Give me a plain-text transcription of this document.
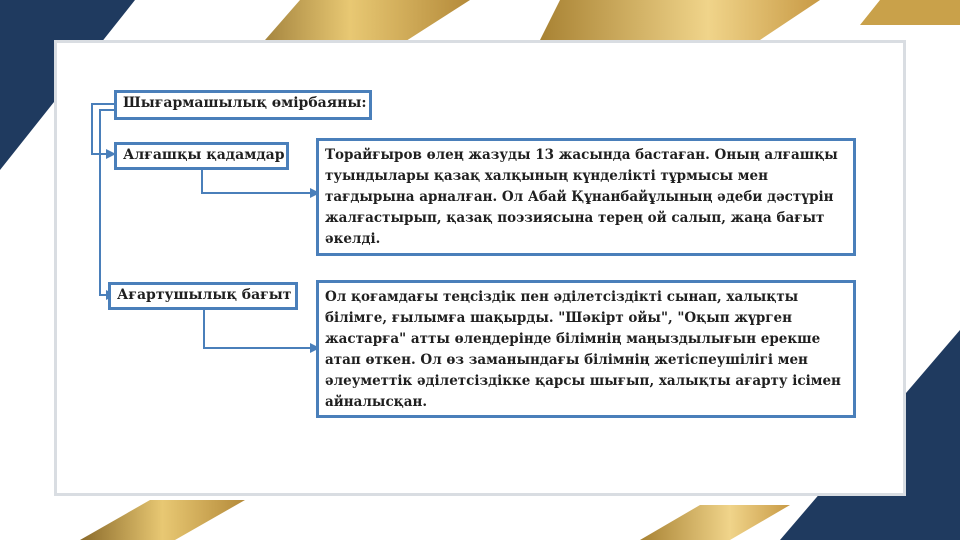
Шығармашылық өмірбаяны:
Алғашқы қадамдар	Торайғыров өлең жазуды 13 жасында бастаған. Оның алғашқы туындылары қазақ халқының күнделікті тұрмысы мен тағдырына арналған. Ол Абай Құнанбайұлының әдеби дәстүрін жалғастырып, қазақ поэзиясына терең ой салып, жаңа бағыт әкелді.
Ағартушылық бағыт	Ол қоғамдағы теңсіздік пен әділетсіздікті сынап, халықты білімге, ғылымға шақырды. "Шәкірт ойы", "Оқып жүрген жастарға" атты өлеңдерінде білімнің маңыздылығын ерекше атап өткен. Ол өз заманындағы білімнің жетіспеушілігі мен әлеуметтік әділетсіздікке қарсы шығып, халықты ағарту ісімен айналысқан.
